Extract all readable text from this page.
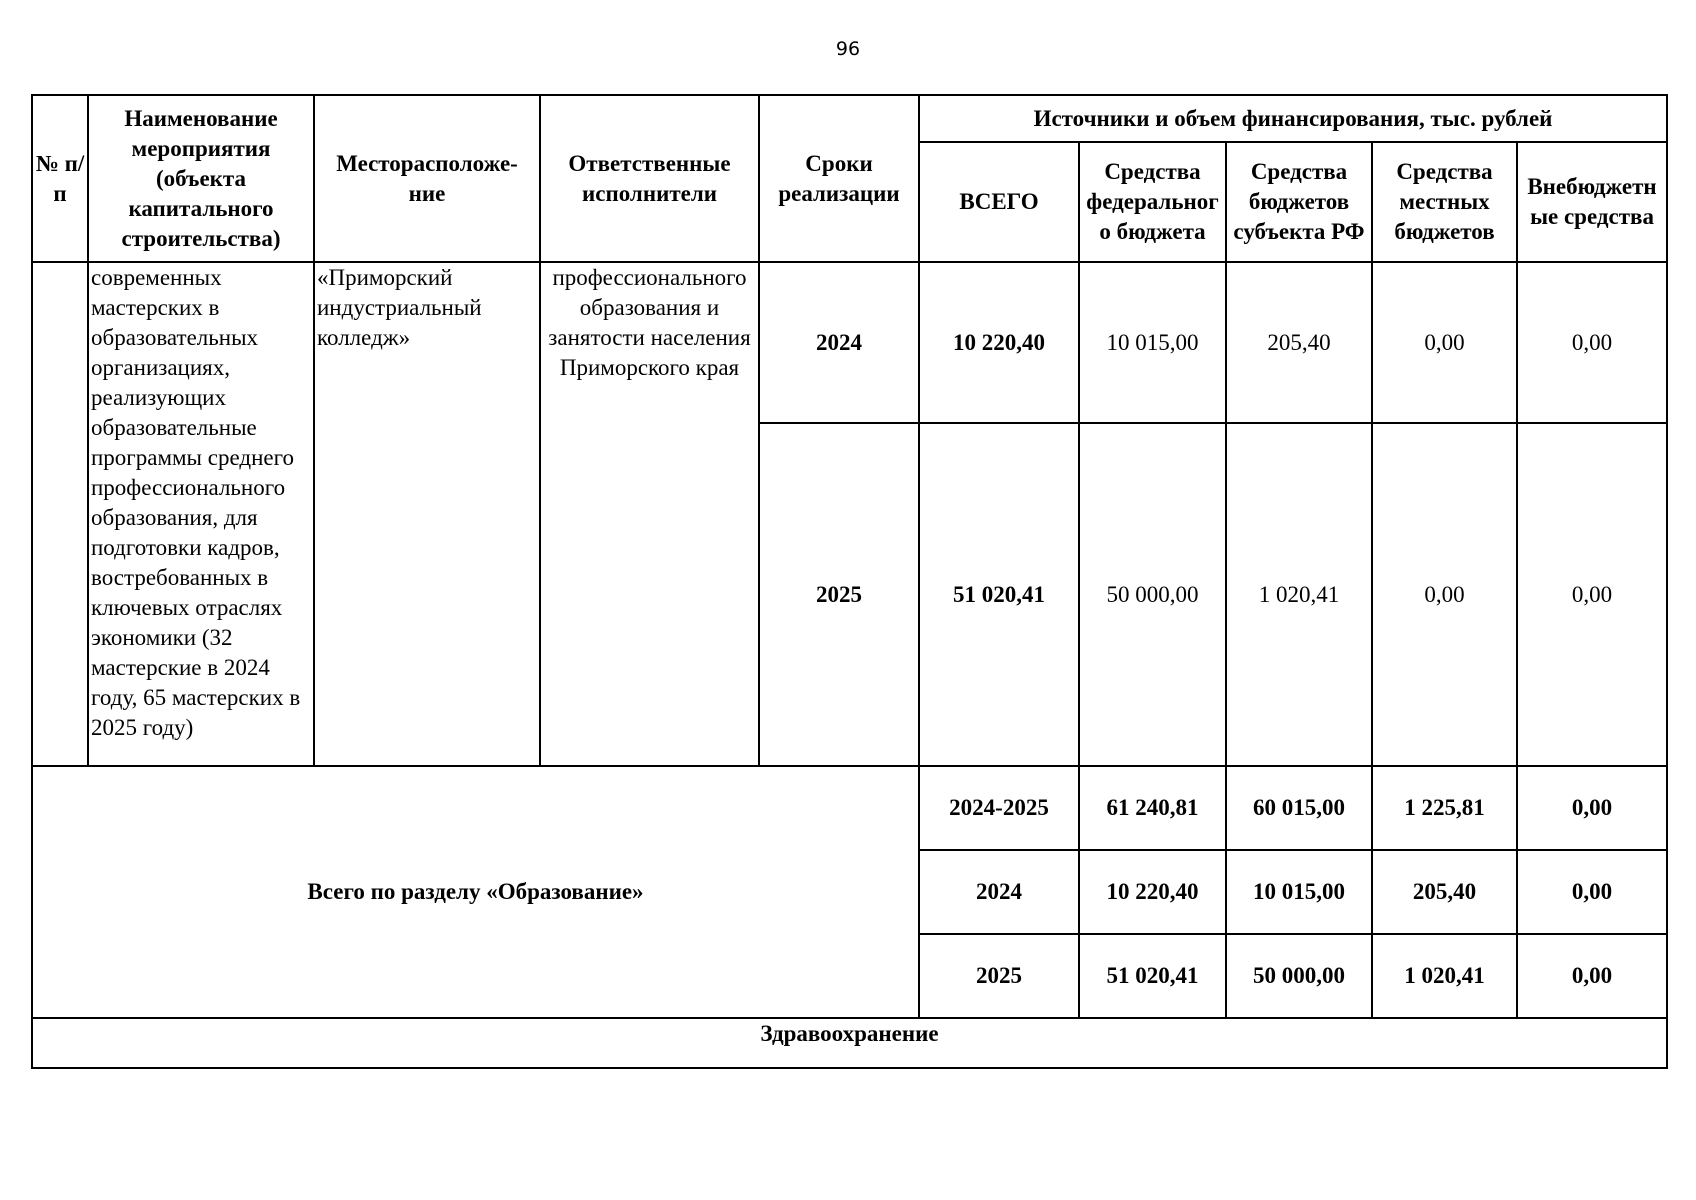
96
№ п/п	Наименование мероприятия (объекта капитального строительства)	Месторасположе- ние	Ответственные исполнители	Сроки реализации	Источники и объем финансирования, тыс. рублей					
					ВСЕГО	Средства федеральног о бюджета	Средства бюджетов субъекта РФ	Средства местных бюджетов	Внебюджетн ые средства	
	современных мастерских в образовательных организациях, реализующих образовательные программы среднего профессионального образования, для подготовки кадров, востребованных в ключевых отраслях экономики (32 мастерские в 2024 году, 65 мастерских в 2025 году)	«Приморский индустриальный колледж»	профессионального образования и занятости населения Приморского края	2024	10 220,40	10 015,00	205,40	0,00	0,00	
				2025	51 020,41	50 000,00	1 020,41	0,00	0,00	
Всего по разделу «Образование»					2024-2025	61 240,81	60 015,00	1 225,81	0,00	
					2024	10 220,40	10 015,00	205,40	0,00	
					2025	51 020,41	50 000,00	1 020,41	0,00	
Здравоохранение										
